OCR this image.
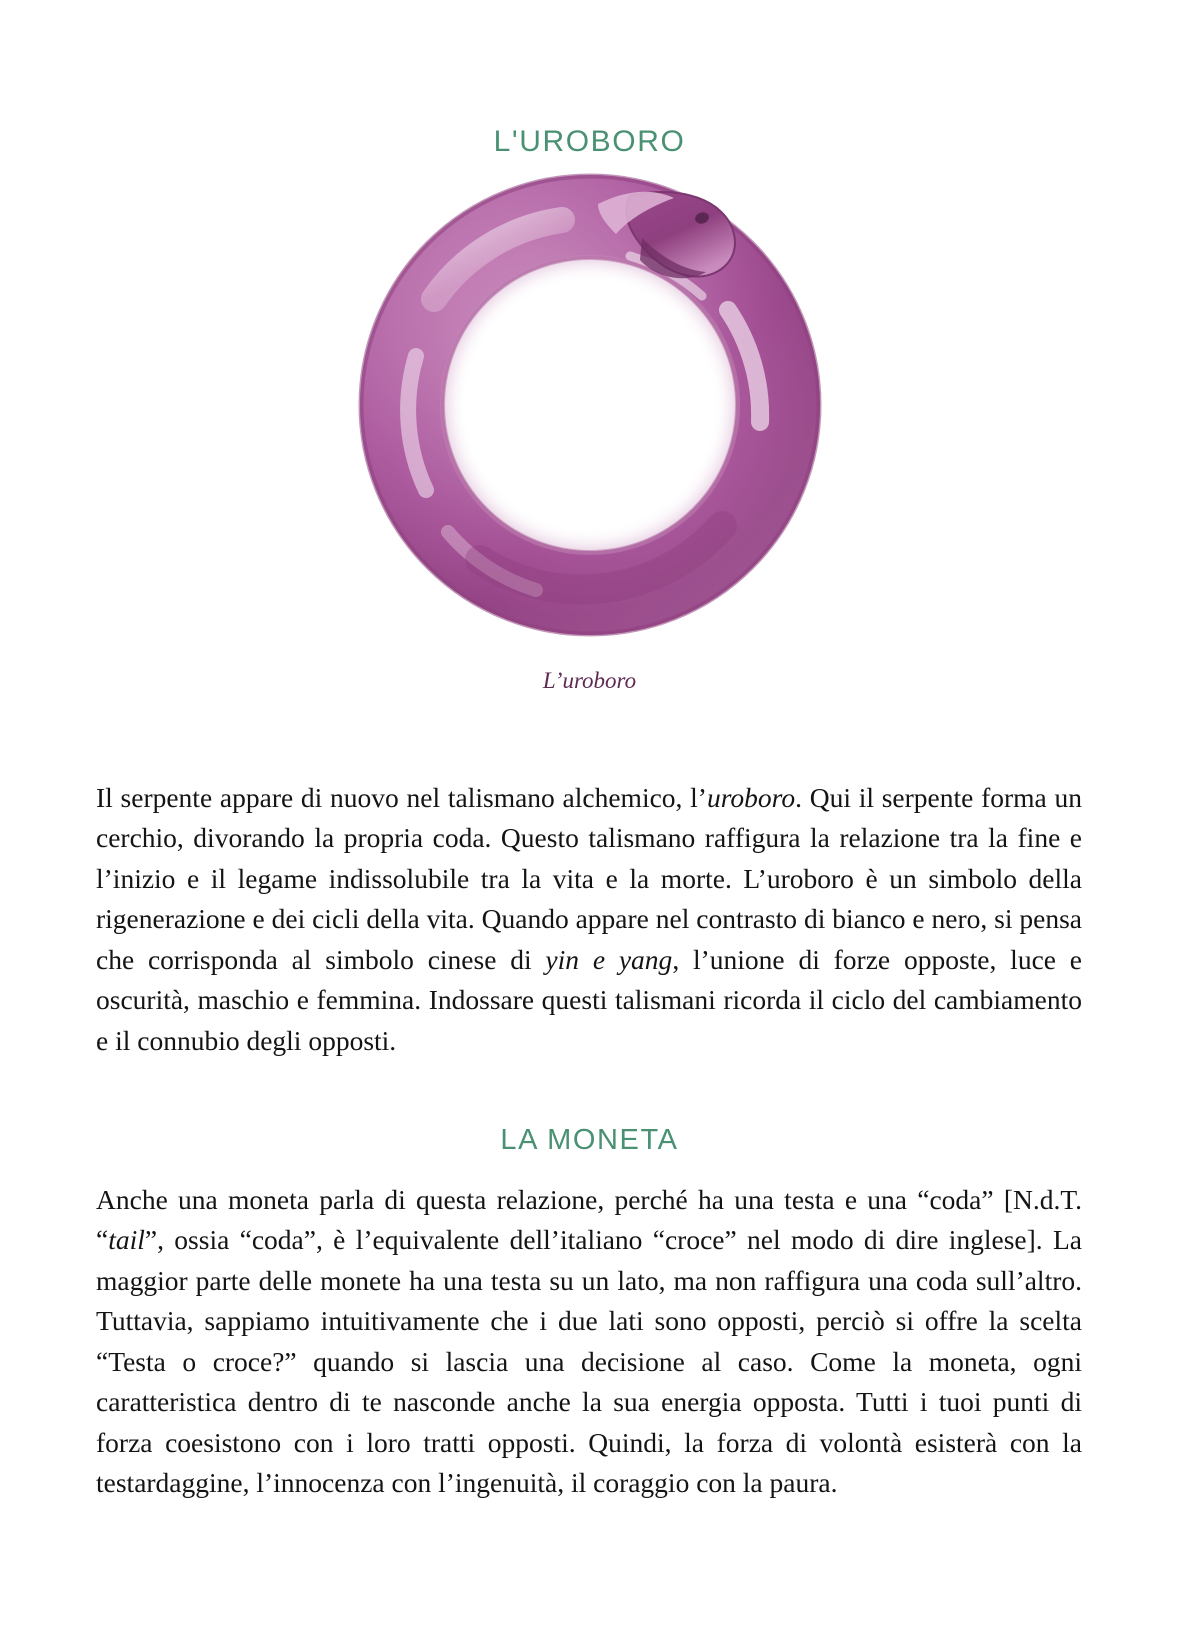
L'UROBORO
L’uroboro

Il serpente appare di nuovo nel talismano alchemico, l’uroboro. Qui il serpente forma un cerchio, divorando la propria coda. Questo talismano raffigura la relazione tra la fine e l’inizio e il legame indissolubile tra la vita e la morte. L’uroboro è un simbolo della rigenerazione e dei cicli della vita. Quando appare nel contrasto di bianco e nero, si pensa che corrisponda al simbolo cinese di yin e yang, l’unione di forze opposte, luce e oscurità, maschio e femmina. Indossare questi talismani ricorda il ciclo del cambiamento e il connubio degli opposti.

LA MONETA

Anche una moneta parla di questa relazione, perché ha una testa e una “coda” [N.d.T. “tail”, ossia “coda”, è l’equivalente dell’italiano “croce” nel modo di dire inglese]. La maggior parte delle monete ha una testa su un lato, ma non raffigura una coda sull’altro. Tuttavia, sappiamo intuitivamente che i due lati sono opposti, perciò si offre la scelta “Testa o croce?” quando si lascia una decisione al caso. Come la moneta, ogni caratteristica dentro di te nasconde anche la sua energia opposta. Tutti i tuoi punti di forza coesistono con i loro tratti opposti. Quindi, la forza di volontà esisterà con la testardaggine, l’innocenza con l’ingenuità, il coraggio con la paura.
